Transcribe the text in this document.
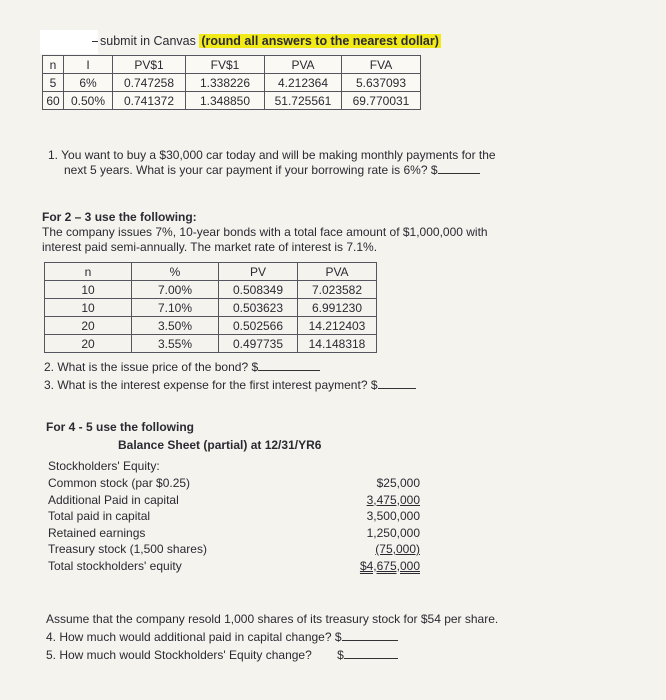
submit in Canvas (round all answers to the nearest dollar)
n	I	PV$1	FV$1	PVA	FVA
5	6%	0.747258	1.338226	4.212364	5.637093
60	0.50%	0.741372	1.348850	51.725561	69.770031
1. You want to buy a $30,000 car today and will be making monthly payments for the
next 5 years. What is your car payment if your borrowing rate is 6%? $
For 2 – 3 use the following:
The company issues 7%, 10-year bonds with a total face amount of $1,000,000 with
interest paid semi-annually. The market rate of interest is 7.1%.
n	%	PV	PVA
10	7.00%	0.508349	7.023582
10	7.10%	0.503623	6.991230
20	3.50%	0.502566	14.212403
20	3.55%	0.497735	14.148318
2. What is the issue price of the bond? $
3. What is the interest expense for the first interest payment? $
For 4 - 5 use the following
Balance Sheet (partial) at 12/31/YR6
Stockholders' Equity:
Common stock (par $0.25)	$25,000
Additional Paid in capital	3,475,000
Total paid in capital	3,500,000
Retained earnings	1,250,000
Treasury stock (1,500 shares)	(75,000)
Total stockholders' equity	$4,675,000
Assume that the company resold 1,000 shares of its treasury stock for $54 per share.
4. How much would additional paid in capital change? $
5. How much would Stockholders' Equity change? $
